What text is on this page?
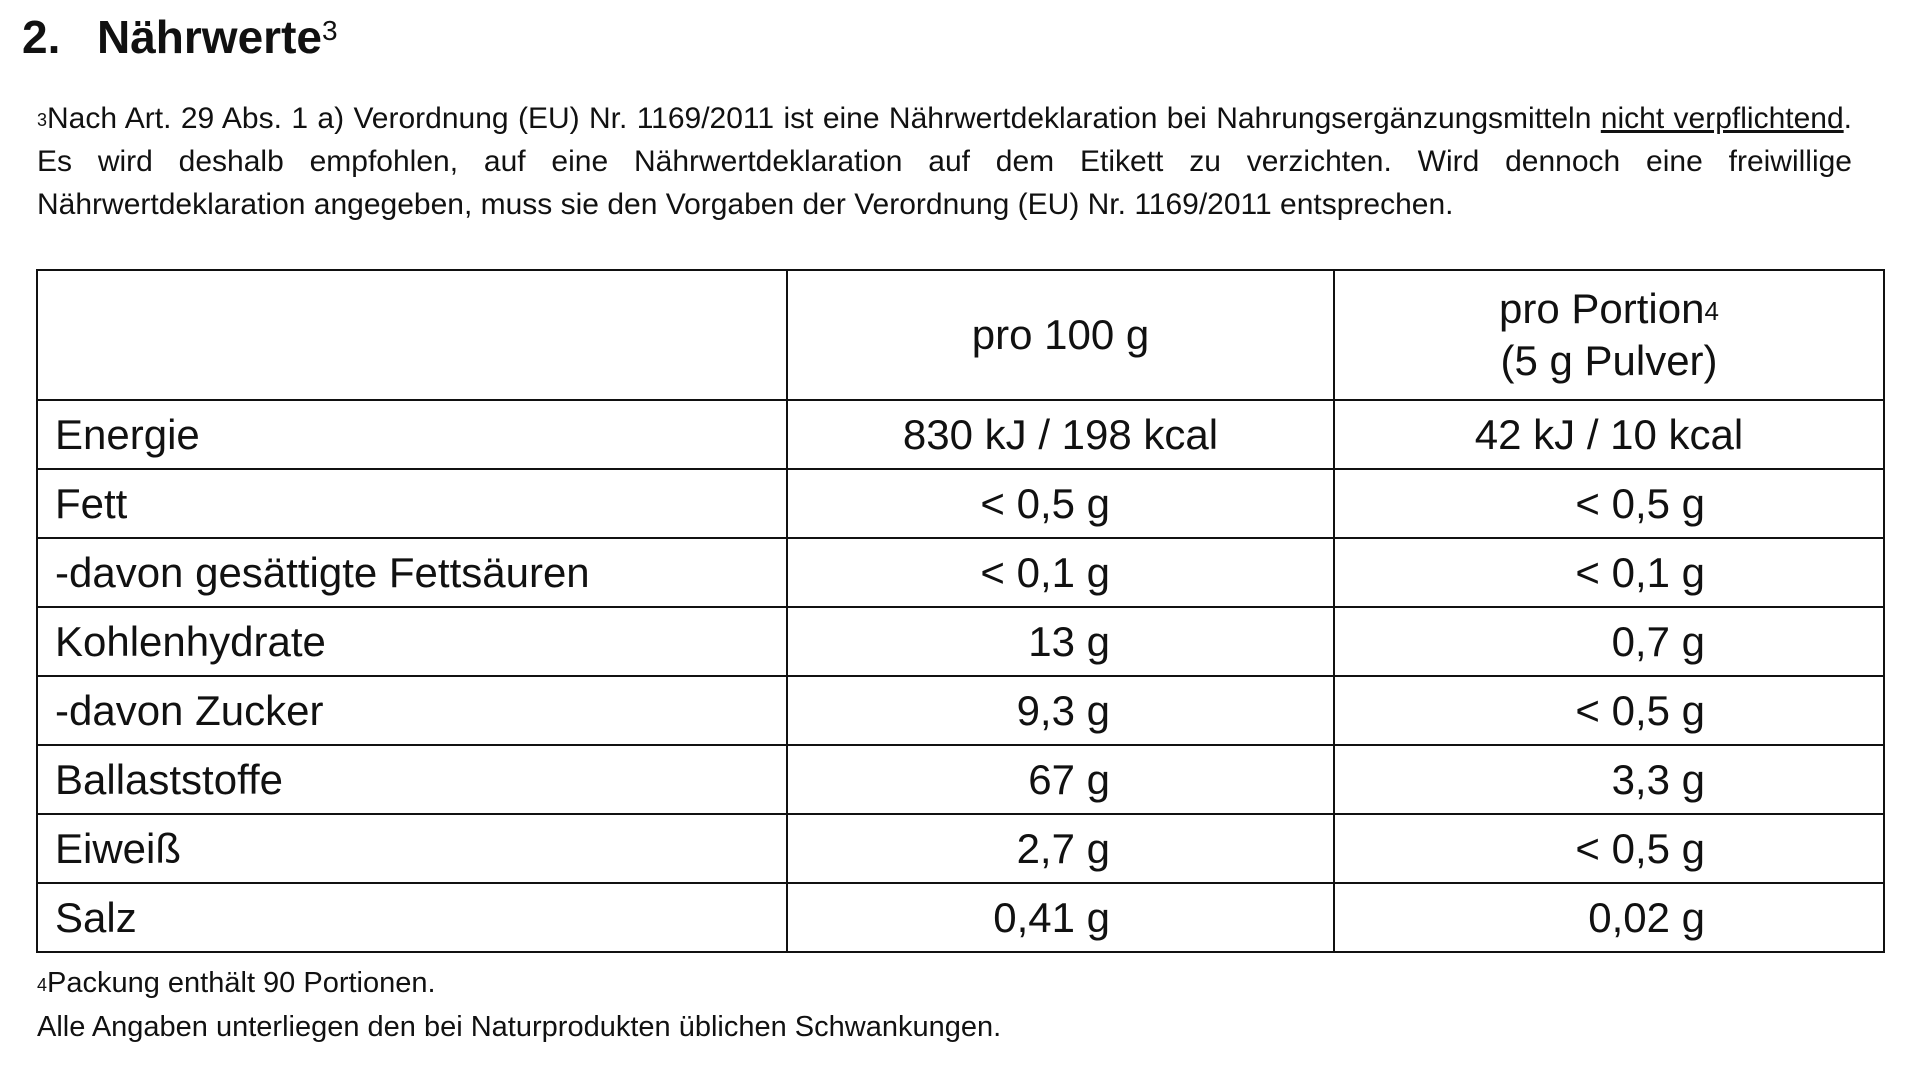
2. Nährwerte$^3$
$^3$Nach Art. 29 Abs. 1 a) Verordnung (EU) Nr. 1169/2011 ist eine Nährwertdeklaration bei Nahrungsergänzungsmitteln nicht verpflichtend. Es wird deshalb empfohlen, auf eine Nährwertdeklaration auf dem Etikett zu verzichten. Wird dennoch eine freiwillige Nährwertdeklaration angegeben, muss sie den Vorgaben der Verordnung (EU) Nr. 1169/2011 entsprechen.
	pro 100 g	pro Portion$^4$
(5 g Pulver)
Energie	830 kJ / 198 kcal	42 kJ / 10 kcal
Fett	< 0,5 g	< 0,5 g
-davon gesättigte Fettsäuren	< 0,1 g	< 0,1 g
Kohlenhydrate	13 g	0,7 g
-davon Zucker	9,3 g	< 0,5 g
Ballaststoffe	67 g	3,3 g
Eiweiß	2,7 g	< 0,5 g
Salz	0,41 g	0,02 g
$^4$Packung enthält 90 Portionen.
Alle Angaben unterliegen den bei Naturprodukten üblichen Schwankungen.
